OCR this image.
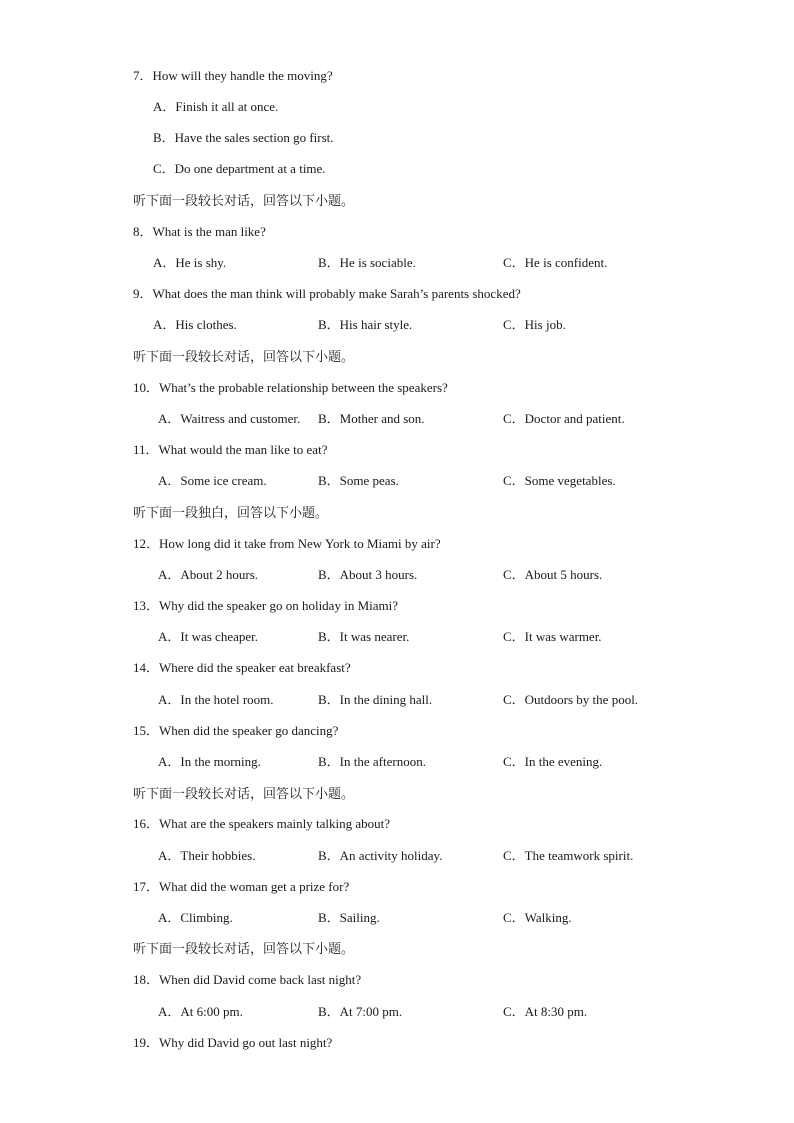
7．How will they handle the moving?
A．Finish it all at once.
B．Have the sales section go first.
C．Do one department at a time.
听下面一段较长对话，回答以下小题。
8．What is the man like?
A．He is shy.	B．He is sociable.	C．He is confident.
9．What does the man think will probably make Sarah’s parents shocked?
A．His clothes.	B．His hair style.	C．His job.
听下面一段较长对话，回答以下小题。
10．What’s the probable relationship between the speakers?
A．Waitress and customer. B．Mother and son.	C．Doctor and patient.
11．What would the man like to eat?
A．Some ice cream.	B．Some peas.	C．Some vegetables.
听下面一段独白，回答以下小题。
12．How long did it take from New York to Miami by air?
A．About 2 hours.	B．About 3 hours.	C．About 5 hours.
13．Why did the speaker go on holiday in Miami?
A．It was cheaper.	B．It was nearer.	C．It was warmer.
14．Where did the speaker eat breakfast?
A．In the hotel room.	B．In the dining hall.	C．Outdoors by the pool.
15．When did the speaker go dancing?
A．In the morning.	B．In the afternoon.	C．In the evening.
听下面一段较长对话，回答以下小题。
16．What are the speakers mainly talking about?
A．Their hobbies.	B．An activity holiday.	C．The teamwork spirit.
17．What did the woman get a prize for?
A．Climbing.	B．Sailing.	C．Walking.
听下面一段较长对话，回答以下小题。
18．When did David come back last night?
A．At 6:00 pm.	B．At 7:00 pm.	C．At 8:30 pm.
19．Why did David go out last night?
